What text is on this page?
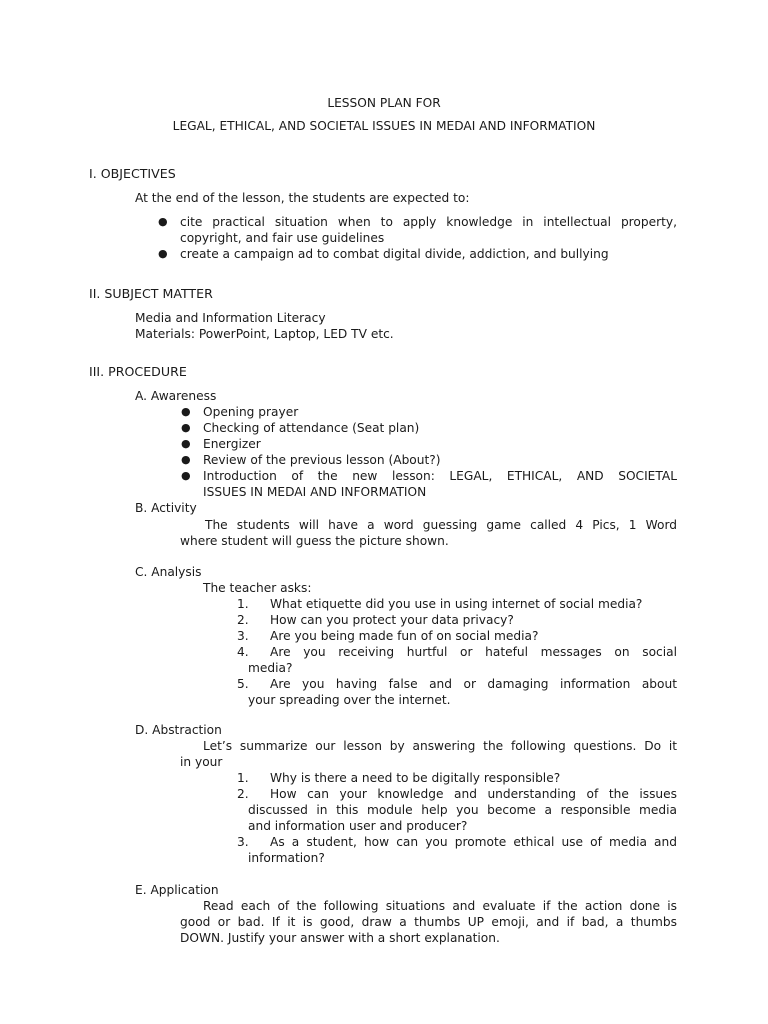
LESSON PLAN FOR
LEGAL, ETHICAL, AND SOCIETAL ISSUES IN MEDAI AND INFORMATION
I. OBJECTIVES
At the end of the lesson, the students are expected to:
● cite practical situation when to apply knowledge in intellectual property,
copyright, and fair use guidelines
● create a campaign ad to combat digital divide, addiction, and bullying
II. SUBJECT MATTER
Media and Information Literacy
Materials: PowerPoint, Laptop, LED TV etc.
III. PROCEDURE
A. Awareness
● Opening prayer
● Checking of attendance (Seat plan)
● Energizer
● Review of the previous lesson (About?)
● Introduction of the new lesson: LEGAL, ETHICAL, AND SOCIETAL
ISSUES IN MEDAI AND INFORMATION
B. Activity
The students will have a word guessing game called 4 Pics, 1 Word
where student will guess the picture shown.
C. Analysis
The teacher asks:
1. What etiquette did you use in using internet of social media?
2. How can you protect your data privacy?
3. Are you being made fun of on social media?
4. Are you receiving hurtful or hateful messages on social
media?
5. Are you having false and or damaging information about
your spreading over the internet.
D. Abstraction
Let’s summarize our lesson by answering the following questions. Do it
in your
1. Why is there a need to be digitally responsible?
2. How can your knowledge and understanding of the issues
discussed in this module help you become a responsible media
and information user and producer?
3. As a student, how can you promote ethical use of media and
information?
E. Application
Read each of the following situations and evaluate if the action done is
good or bad. If it is good, draw a thumbs UP emoji, and if bad, a thumbs
DOWN. Justify your answer with a short explanation.
